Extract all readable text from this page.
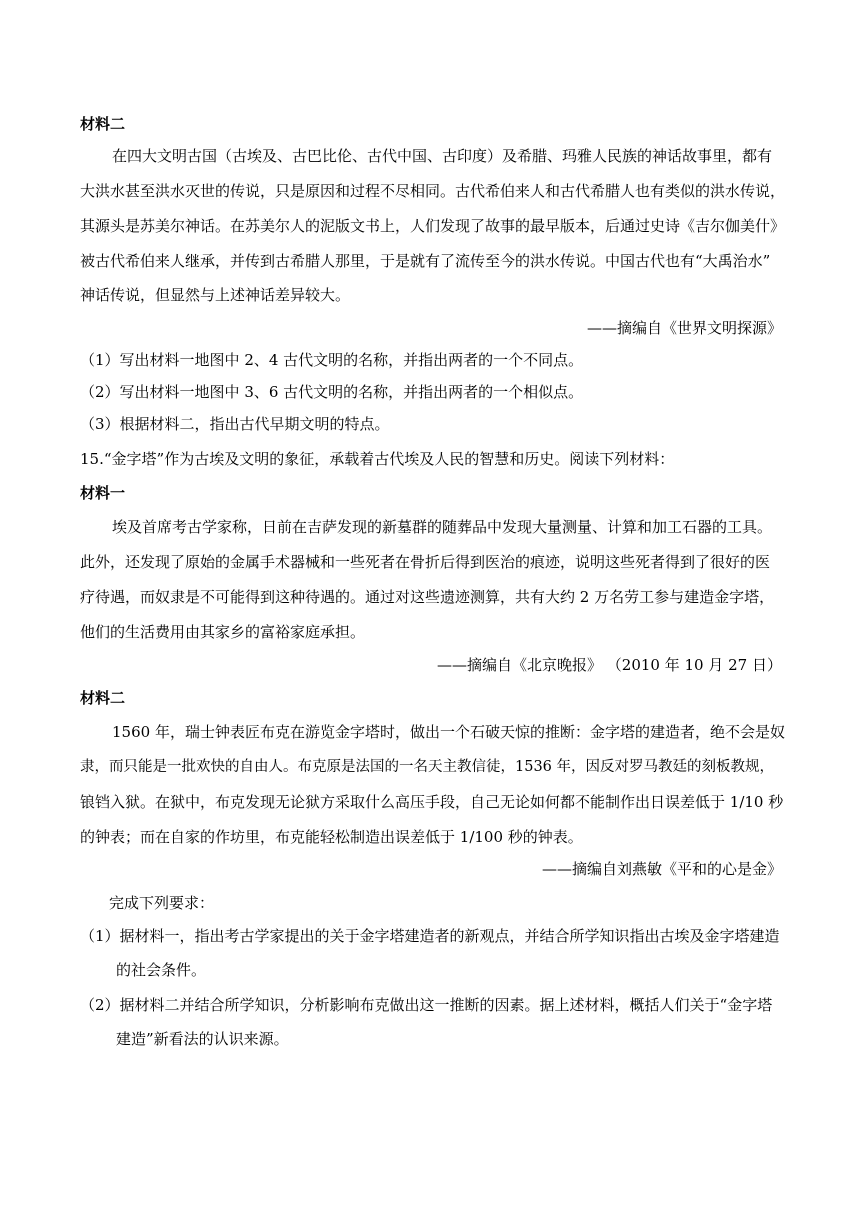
材料二
在四大文明古国（古埃及、古巴比伦、古代中国、古印度）及希腊、玛雅人民族的神话故事里，都有
大洪水甚至洪水灭世的传说，只是原因和过程不尽相同。古代希伯来人和古代希腊人也有类似的洪水传说，
其源头是苏美尔神话。在苏美尔人的泥版文书上，人们发现了故事的最早版本，后通过史诗《吉尔伽美什》
被古代希伯来人继承，并传到古希腊人那里，于是就有了流传至今的洪水传说。中国古代也有“大禹治水”
神话传说，但显然与上述神话差异较大。
——摘编自《世界文明探源》
（1）写出材料一地图中 2、4 古代文明的名称，并指出两者的一个不同点。
（2）写出材料一地图中 3、6 古代文明的名称，并指出两者的一个相似点。
（3）根据材料二，指出古代早期文明的特点。
15.“金字塔”作为古埃及文明的象征，承载着古代埃及人民的智慧和历史。阅读下列材料：
材料一
埃及首席考古学家称，日前在吉萨发现的新墓群的随葬品中发现大量测量、计算和加工石器的工具。
此外，还发现了原始的金属手术器械和一些死者在骨折后得到医治的痕迹，说明这些死者得到了很好的医
疗待遇，而奴隶是不可能得到这种待遇的。通过对这些遗迹测算，共有大约 2 万名劳工参与建造金字塔，
他们的生活费用由其家乡的富裕家庭承担。
——摘编自《北京晚报》 （2010 年 10 月 27 日）
材料二
1560 年，瑞士钟表匠布克在游览金字塔时，做出一个石破天惊的推断：金字塔的建造者，绝不会是奴
隶，而只能是一批欢快的自由人。布克原是法国的一名天主教信徒，1536 年，因反对罗马教廷的刻板教规，
锒铛入狱。在狱中，布克发现无论狱方采取什么高压手段，自己无论如何都不能制作出日误差低于 1/10 秒
的钟表；而在自家的作坊里，布克能轻松制造出误差低于 1/100 秒的钟表。
——摘编自刘燕敏《平和的心是金》
完成下列要求：
（1）据材料一，指出考古学家提出的关于金字塔建造者的新观点，并结合所学知识指出古埃及金字塔建造
的社会条件。
（2）据材料二并结合所学知识，分析影响布克做出这一推断的因素。据上述材料，概括人们关于“金字塔
建造”新看法的认识来源。
